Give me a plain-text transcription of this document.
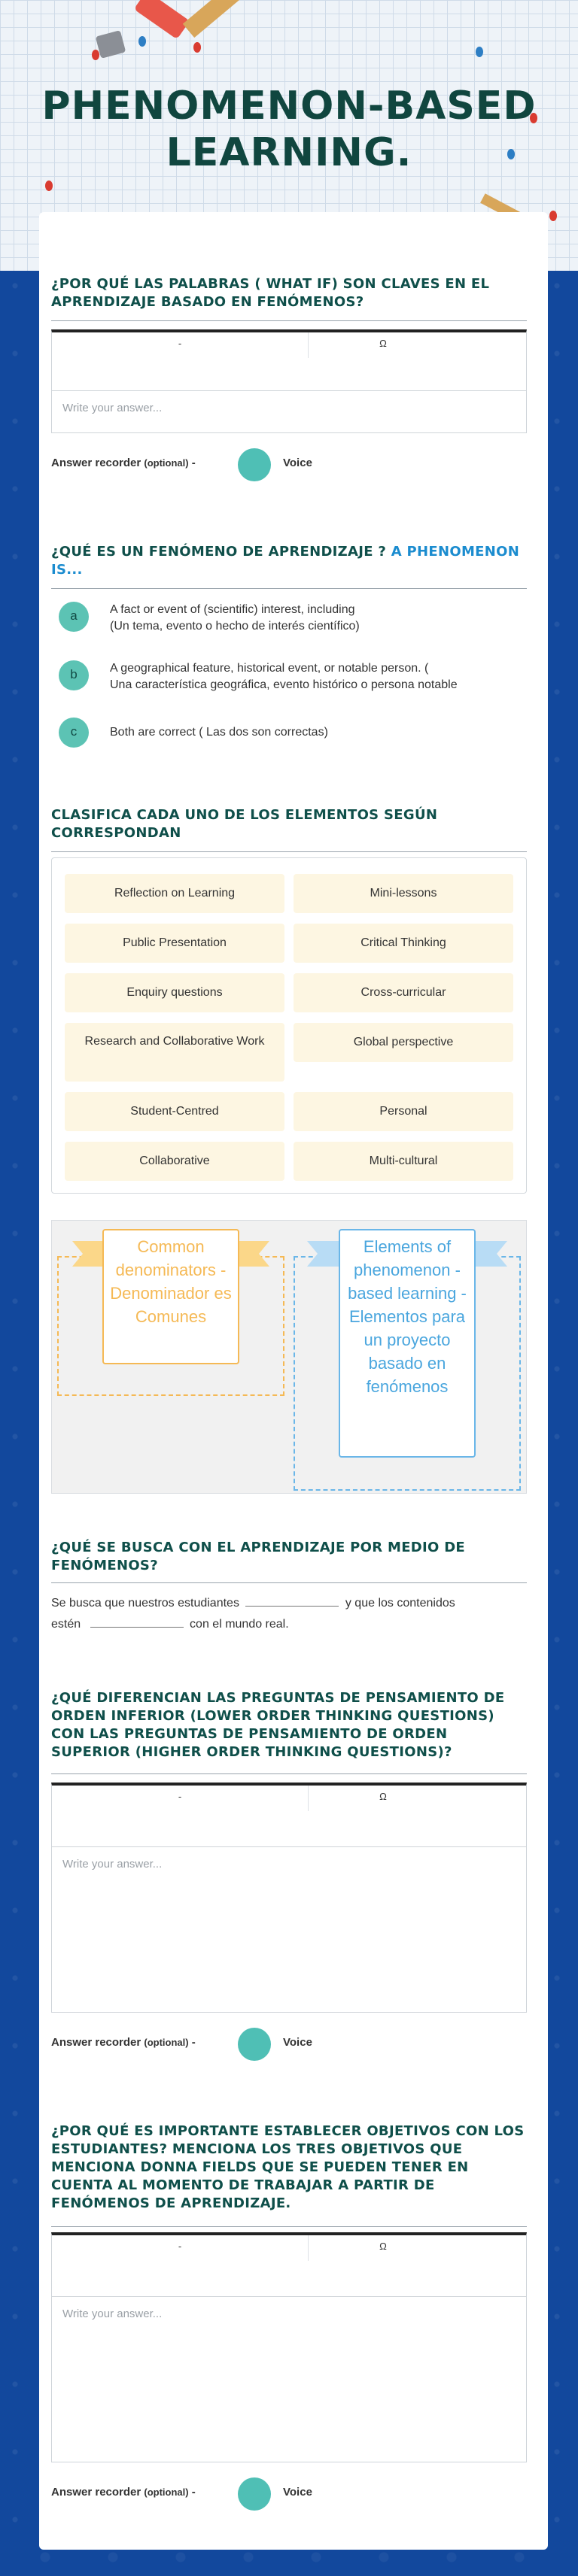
PHENOMENON-BASED
LEARNING.
¿POR QUÉ LAS PALABRAS ( WHAT IF) SON CLAVES EN EL APRENDIZAJE BASADO EN FENÓMENOS?
-	Ω
Write your answer...
Answer recorder (optional) -	Voice
¿QUÉ ES UN FENÓMENO DE APRENDIZAJE ? A PHENOMENON IS...
a	A fact or event of (scientific) interest, including
(Un tema, evento o hecho de interés científico)
b	A geographical feature, historical event, or notable person. (
Una característica geográfica, evento histórico o persona notable
c	Both are correct ( Las dos son correctas)
CLASIFICA CADA UNO DE LOS ELEMENTOS SEGÚN CORRESPONDAN
Reflection on Learning	Mini-lessons
Public Presentation	Critical Thinking
Enquiry questions	Cross-curricular
Research and Collaborative Work	Global perspective
Student-Centred	Personal
Collaborative	Multi-cultural
Common denominators - Denominador es Comunes
Elements of phenomenon - based learning - Elementos para un proyecto basado en fenómenos
¿QUÉ SE BUSCA CON EL APRENDIZAJE POR MEDIO DE FENÓMENOS?
Se busca que nuestros estudiantes	y que los contenidos
estén	con el mundo real.
¿QUÉ DIFERENCIAN LAS PREGUNTAS DE PENSAMIENTO DE ORDEN INFERIOR (LOWER ORDER THINKING QUESTIONS) CON LAS PREGUNTAS DE PENSAMIENTO DE ORDEN SUPERIOR (HIGHER ORDER THINKING QUESTIONS)?
-	Ω
Write your answer...
Answer recorder (optional) -	Voice
¿POR QUÉ ES IMPORTANTE ESTABLECER OBJETIVOS CON LOS ESTUDIANTES? MENCIONA LOS TRES OBJETIVOS QUE MENCIONA DONNA FIELDS QUE SE PUEDEN TENER EN CUENTA AL MOMENTO DE TRABAJAR A PARTIR DE FENÓMENOS DE APRENDIZAJE.
-	Ω
Write your answer...
Answer recorder (optional) -	Voice
